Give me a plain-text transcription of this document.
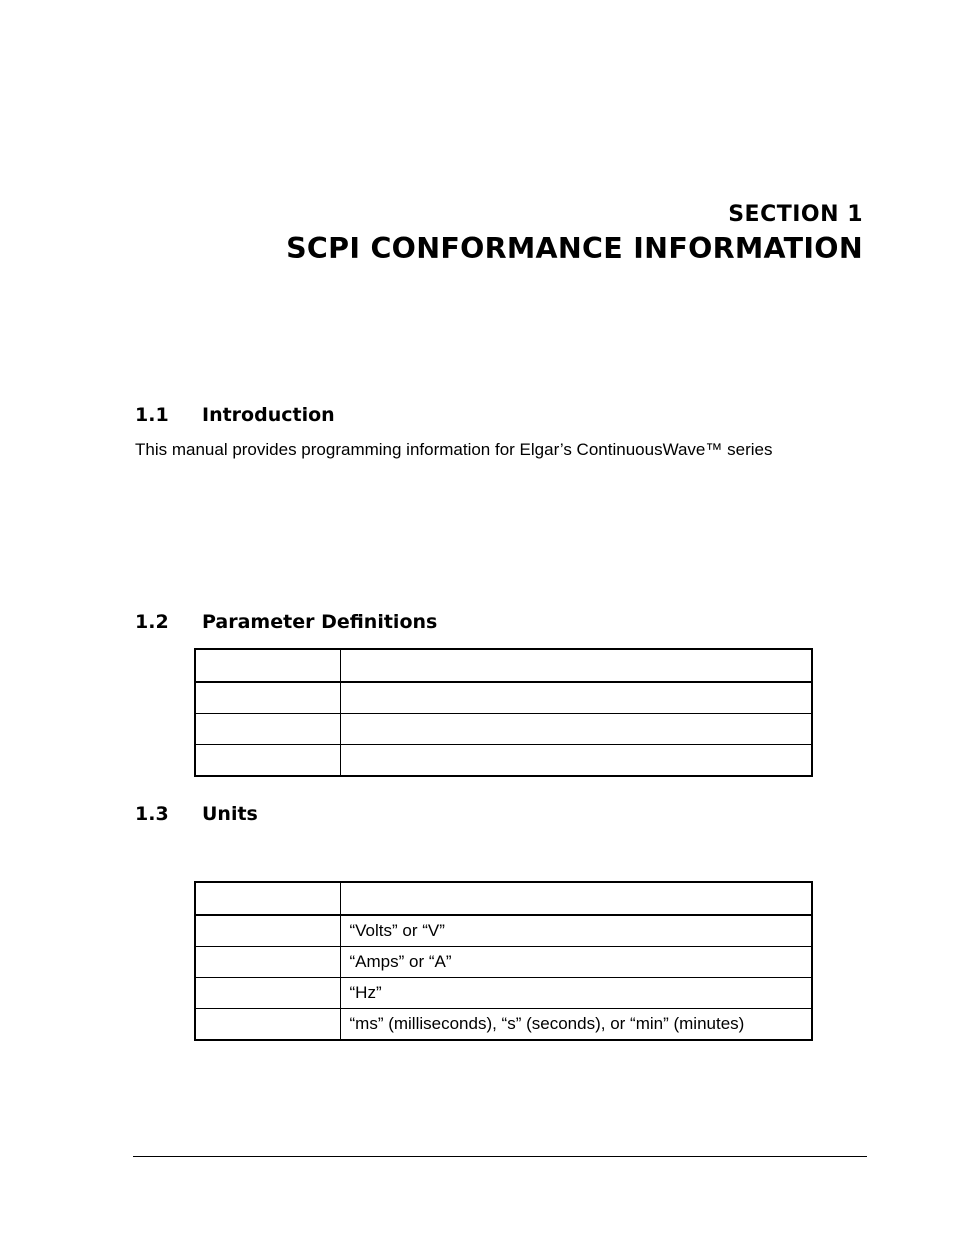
SECTION 1
SCPI CONFORMANCE INFORMATION
1.1 Introduction
This manual provides programming information for Elgar’s ContinuousWave™ series
1.2 Parameter Definitions

1.3 Units

	“Volts” or “V”
	“Amps” or “A”
	“Hz”
	“ms” (milliseconds), “s” (seconds), or “min” (minutes)
